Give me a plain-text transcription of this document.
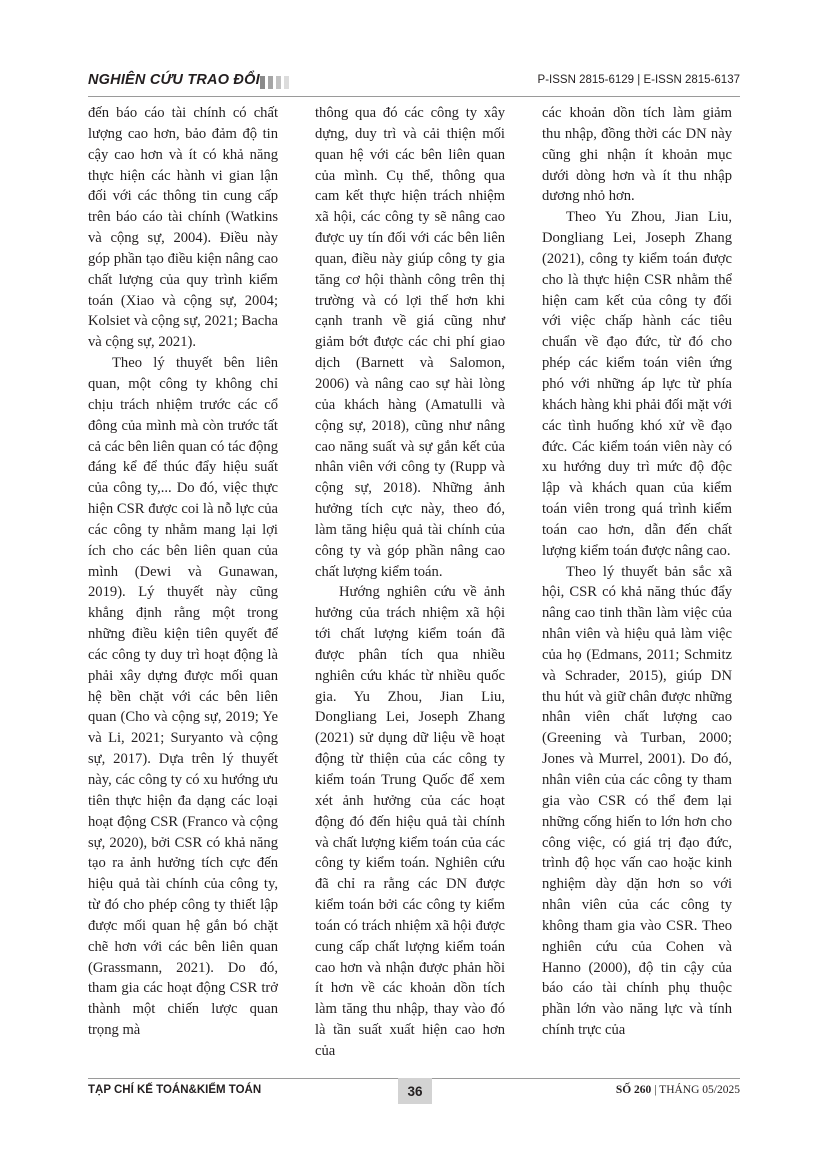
NGHIÊN CỨU TRAO ĐỔI	P-ISSN 2815-6129 | E-ISSN 2815-6137

đến báo cáo tài chính có chất lượng cao hơn, bảo đảm độ tin cậy cao hơn và ít có khả năng thực hiện các hành vi gian lận đối với các thông tin cung cấp trên báo cáo tài chính (Watkins và cộng sự, 2004). Điều này góp phần tạo điều kiện nâng cao chất lượng của quy trình kiểm toán (Xiao và cộng sự, 2004; Kolsiet và cộng sự, 2021; Bacha và cộng sự, 2021).

Theo lý thuyết bên liên quan, một công ty không chỉ chịu trách nhiệm trước các cổ đông của mình mà còn trước tất cả các bên liên quan có tác động đáng kể để thúc đẩy hiệu suất của công ty,... Do đó, việc thực hiện CSR được coi là nỗ lực của các công ty nhằm mang lại lợi ích cho các bên liên quan của mình (Dewi và Gunawan, 2019). Lý thuyết này cũng khẳng định rằng một trong những điều kiện tiên quyết để các công ty duy trì hoạt động là phải xây dựng được mối quan hệ bền chặt với các bên liên quan (Cho và cộng sự, 2019; Ye và Li, 2021; Suryanto và cộng sự, 2017). Dựa trên lý thuyết này, các công ty có xu hướng ưu tiên thực hiện đa dạng các loại hoạt động CSR (Franco và cộng sự, 2020), bởi CSR có khả năng tạo ra ảnh hưởng tích cực đến hiệu quả tài chính của công ty, từ đó cho phép công ty thiết lập được mối quan hệ gắn bó chặt chẽ hơn với các bên liên quan (Grassmann, 2021). Do đó, tham gia các hoạt động CSR trở thành một chiến lược quan trọng mà

thông qua đó các công ty xây dựng, duy trì và cải thiện mối quan hệ với các bên liên quan của mình. Cụ thể, thông qua cam kết thực hiện trách nhiệm xã hội, các công ty sẽ nâng cao được uy tín đối với các bên liên quan, điều này giúp công ty gia tăng cơ hội thành công trên thị trường và có lợi thế hơn khi cạnh tranh về giá cũng như giảm bớt được các chi phí giao dịch (Barnett và Salomon, 2006) và nâng cao sự hài lòng của khách hàng (Amatulli và cộng sự, 2018), cũng như nâng cao năng suất và sự gắn kết của nhân viên với công ty (Rupp và cộng sự, 2018). Những ảnh hưởng tích cực này, theo đó, làm tăng hiệu quả tài chính của công ty và góp phần nâng cao chất lượng kiểm toán.

Hướng nghiên cứu về ảnh hưởng của trách nhiệm xã hội tới chất lượng kiểm toán đã được phân tích qua nhiều nghiên cứu khác từ nhiều quốc gia. Yu Zhou, Jian Liu, Dongliang Lei, Joseph Zhang (2021) sử dụng dữ liệu về hoạt động từ thiện của các công ty kiểm toán Trung Quốc để xem xét ảnh hưởng của các hoạt động đó đến hiệu quả tài chính và chất lượng kiểm toán của các công ty kiểm toán. Nghiên cứu đã chỉ ra rằng các DN được kiểm toán bởi các công ty kiểm toán có trách nhiệm xã hội được cung cấp chất lượng kiểm toán cao hơn và nhận được phản hồi ít hơn về các khoản dồn tích làm tăng thu nhập, thay vào đó là tần suất xuất hiện cao hơn của

các khoản dồn tích làm giảm thu nhập, đồng thời các DN này cũng ghi nhận ít khoản mục dưới dòng hơn và ít thu nhập dương nhỏ hơn.

Theo Yu Zhou, Jian Liu, Dongliang Lei, Joseph Zhang (2021), công ty kiểm toán được cho là thực hiện CSR nhằm thể hiện cam kết của công ty đối với việc chấp hành các tiêu chuẩn về đạo đức, từ đó cho phép các kiểm toán viên ứng phó với những áp lực từ phía khách hàng khi phải đối mặt với các tình huống khó xử về đạo đức. Các kiểm toán viên này có xu hướng duy trì mức độ độc lập và khách quan của kiểm toán viên trong quá trình kiểm toán cao hơn, dẫn đến chất lượng kiểm toán được nâng cao.

Theo lý thuyết bản sắc xã hội, CSR có khả năng thúc đẩy nâng cao tinh thần làm việc của nhân viên và hiệu quả làm việc của họ (Edmans, 2011; Schmitz và Schrader, 2015), giúp DN thu hút và giữ chân được những nhân viên chất lượng cao (Greening và Turban, 2000; Jones và Murrel, 2001). Do đó, nhân viên của các công ty tham gia vào CSR có thể đem lại những cống hiến to lớn hơn cho công việc, có giá trị đạo đức, trình độ học vấn cao hoặc kinh nghiệm dày dặn hơn so với nhân viên của các công ty không tham gia vào CSR. Theo nghiên cứu của Cohen và Hanno (2000), độ tin cậy của báo cáo tài chính phụ thuộc phần lớn vào năng lực và tính chính trực của

TẠP CHÍ KẾ TOÁN&KIỂM TOÁN	36	SỐ 260 | THÁNG 05/2025
